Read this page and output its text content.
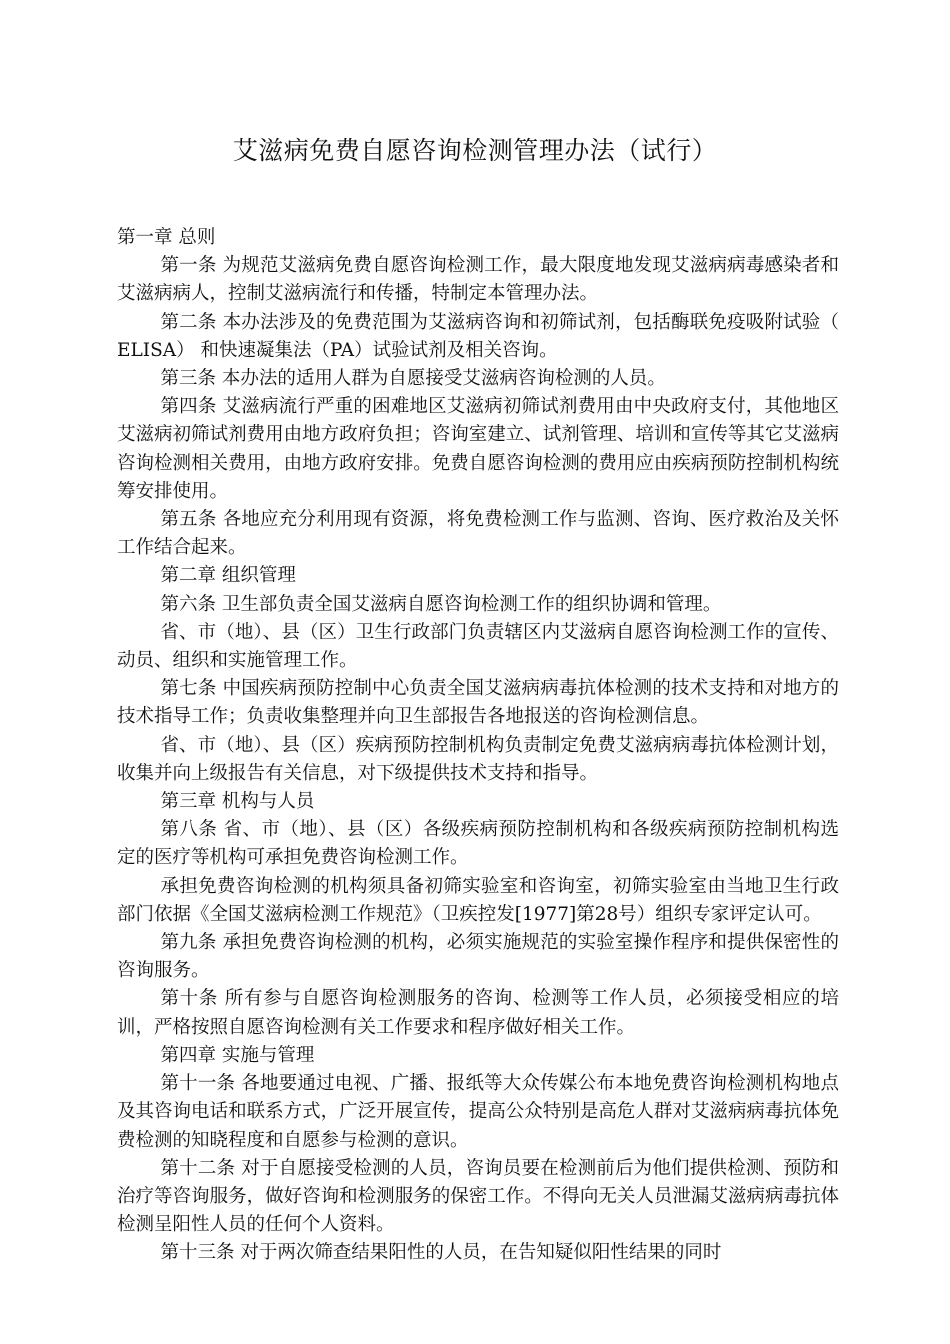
艾滋病免费自愿咨询检测管理办法（试行）

第一章 总则

第一条 为规范艾滋病免费自愿咨询检测工作，最大限度地发现艾滋病病毒感染者和艾滋病病人，控制艾滋病流行和传播，特制定本管理办法。

第二条 本办法涉及的免费范围为艾滋病咨询和初筛试剂，包括酶联免疫吸附试验（ ELISA） 和快速凝集法（PA）试验试剂及相关咨询。

第三条 本办法的适用人群为自愿接受艾滋病咨询检测的人员。

第四条 艾滋病流行严重的困难地区艾滋病初筛试剂费用由中央政府支付，其他地区艾滋病初筛试剂费用由地方政府负担；咨询室建立、试剂管理、培训和宣传等其它艾滋病咨询检测相关费用，由地方政府安排。免费自愿咨询检测的费用应由疾病预防控制机构统筹安排使用。

第五条 各地应充分利用现有资源，将免费检测工作与监测、咨询、医疗救治及关怀工作结合起来。

第二章 组织管理

第六条 卫生部负责全国艾滋病自愿咨询检测工作的组织协调和管理。

省、市（地）、县（区）卫生行政部门负责辖区内艾滋病自愿咨询检测工作的宣传、动员、组织和实施管理工作。

第七条 中国疾病预防控制中心负责全国艾滋病病毒抗体检测的技术支持和对地方的技术指导工作；负责收集整理并向卫生部报告各地报送的咨询检测信息。

省、市（地）、县（区）疾病预防控制机构负责制定免费艾滋病病毒抗体检测计划，收集并向上级报告有关信息，对下级提供技术支持和指导。

第三章 机构与人员

第八条 省、市（地）、县（区）各级疾病预防控制机构和各级疾病预防控制机构选定的医疗等机构可承担免费咨询检测工作。

承担免费咨询检测的机构须具备初筛实验室和咨询室，初筛实验室由当地卫生行政部门依据《全国艾滋病检测工作规范》（卫疾控发[1977]第28号）组织专家评定认可。

第九条 承担免费咨询检测的机构，必须实施规范的实验室操作程序和提供保密性的咨询服务。

第十条 所有参与自愿咨询检测服务的咨询、检测等工作人员，必须接受相应的培训，严格按照自愿咨询检测有关工作要求和程序做好相关工作。

第四章 实施与管理

第十一条 各地要通过电视、广播、报纸等大众传媒公布本地免费咨询检测机构地点及其咨询电话和联系方式，广泛开展宣传，提高公众特别是高危人群对艾滋病病毒抗体免费检测的知晓程度和自愿参与检测的意识。

第十二条 对于自愿接受检测的人员，咨询员要在检测前后为他们提供检测、预防和治疗等咨询服务，做好咨询和检测服务的保密工作。不得向无关人员泄漏艾滋病病毒抗体检测呈阳性人员的任何个人资料。

第十三条 对于两次筛查结果阳性的人员，在告知疑似阳性结果的同时
